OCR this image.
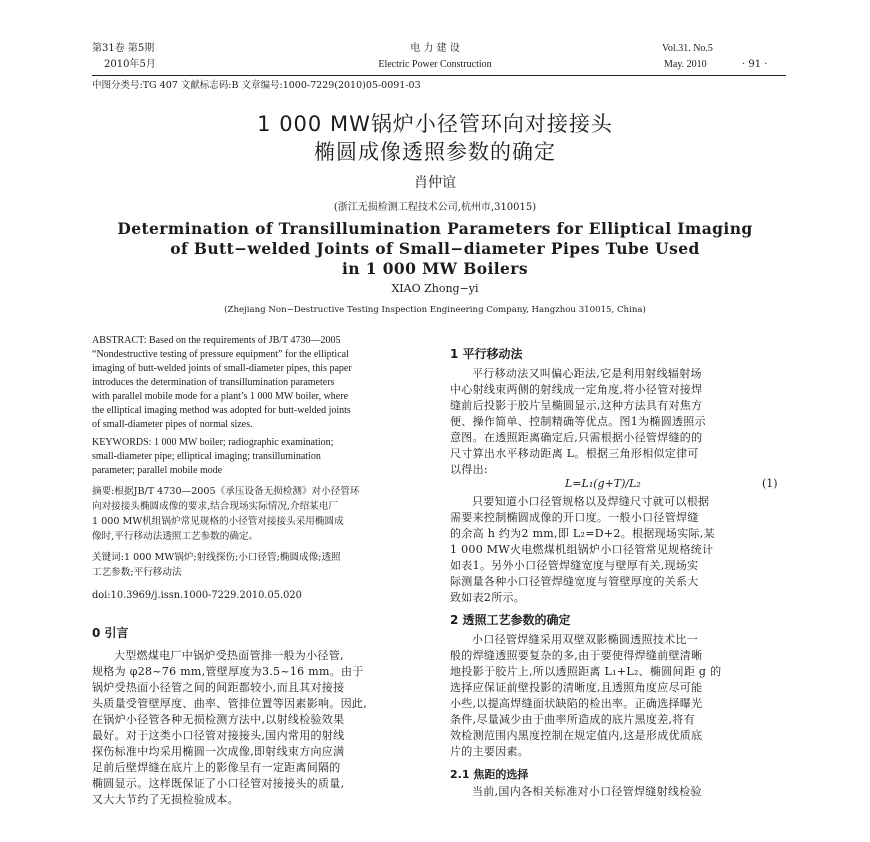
第31卷 第5期
2010年5月
电 力 建 设
Electric Power Construction
Vol.31. No.5
May. 2010	· 91 ·
中图分类号:TG 407 文献标志码:B 文章编号:1000-7229(2010)05-0091-03
1 000 MW锅炉小径管环向对接接头
椭圆成像透照参数的确定
肖仲谊
(浙江无损检测工程技术公司,杭州市,310015)
Determination of Transillumination Parameters for Elliptical Imaging
of Butt−welded Joints of Small−diameter Pipes Tube Used
in 1 000 MW Boilers
XIAO Zhong−yi
(Zhejiang Non−Destructive Testing Inspection Engineering Company, Hangzhou 310015, China)
ABSTRACT: Based on the requirements of JB/T 4730—2005
“Nondestructive testing of pressure equipment” for the elliptical
imaging of butt-welded joints of small-diameter pipes, this paper
introduces the determination of transillumination parameters
with parallel mobile mode for a plant’s 1 000 MW boiler, where
the elliptical imaging method was adopted for butt-welded joints
of small-diameter pipes of normal sizes.
KEYWORDS: 1 000 MW boiler; radiographic examination;
small-diameter pipe; elliptical imaging; transillumination
parameter; parallel mobile mode
摘要:根据JB/T 4730—2005《承压设备无损检测》对小径管环
向对接接头椭圆成像的要求,结合现场实际情况,介绍某电厂
1 000 MW机组锅炉常见规格的小径管对接接头采用椭圆成
像时,平行移动法透照工艺参数的确定。
关键词:1 000 MW锅炉;射线探伤;小口径管;椭圆成像;透照
工艺参数;平行移动法
doi:10.3969/j.issn.1000-7229.2010.05.020
0 引言
大型燃煤电厂中锅炉受热面管排一般为小径管,
规格为 φ28~76 mm,管壁厚度为3.5~16 mm。由于
锅炉受热面小径管之间的间距都较小,而且其对接接
头质量受管壁厚度、曲率、管排位置等因素影响。因此,
在锅炉小径管各种无损检测方法中,以射线检验效果
最好。对于这类小口径管对接接头,国内常用的射线
探伤标准中均采用椭圆一次成像,即射线束方向应满
足前后壁焊缝在底片上的影像呈有一定距离间隔的
椭圆显示。这样既保证了小口径管对接接头的质量,
又大大节约了无损检验成本。
1 平行移动法
平行移动法又叫偏心距法,它是利用射线辐射场
中心射线束两侧的射线成一定角度,将小径管对接焊
缝前后投影于胶片呈椭圆显示,这种方法具有对焦方
便、操作简单、控制精确等优点。图1为椭圆透照示
意图。在透照距离确定后,只需根据小径管焊缝的的
尺寸算出水平移动距离 L。根据三角形相似定律可
以得出:
L=L₁(g+T)/L₂	(1)
只要知道小口径管规格以及焊缝尺寸就可以根据
需要来控制椭圆成像的开口度。一般小口径管焊缝
的余高 h 约为2 mm,即 L₂=D+2。根据现场实际,某
1 000 MW火电燃煤机组锅炉小口径管常见规格统计
如表1。另外小口径管焊缝宽度与壁厚有关,现场实
际测量各种小口径管焊缝宽度与管壁厚度的关系大
致如表2所示。
2 透照工艺参数的确定
小口径管焊缝采用双壁双影椭圆透照技术比一
般的焊缝透照要复杂的多,由于要使得焊缝前壁清晰
地投影于胶片上,所以透照距离 L₁+L₂、椭圆间距 g 的
选择应保证前壁投影的清晰度,且透照角度应尽可能
小些,以提高焊缝面状缺陷的检出率。正确选择曝光
条件,尽量减少由于曲率所造成的底片黑度差,将有
效检测范围内黑度控制在规定值内,这是形成优质底
片的主要因素。
2.1 焦距的选择
当前,国内各相关标准对小口径管焊缝射线检验
